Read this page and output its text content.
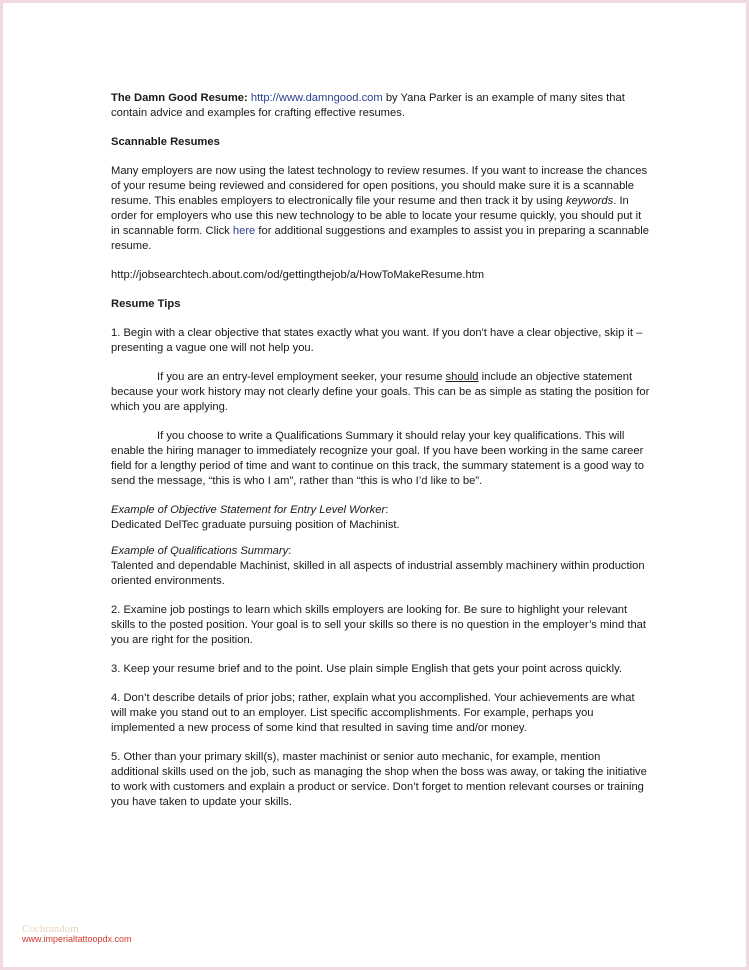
The Damn Good Resume: http://www.damngood.com by Yana Parker is an example of many sites that contain advice and examples for crafting effective resumes.

Scannable Resumes

Many employers are now using the latest technology to review resumes. If you want to increase the chances of your resume being reviewed and considered for open positions, you should make sure it is a scannable resume. This enables employers to electronically file your resume and then track it by using keywords. In order for employers who use this new technology to be able to locate your resume quickly, you should put it in scannable form. Click here for additional suggestions and examples to assist you in preparing a scannable resume.

http://jobsearchtech.about.com/od/gettingthejob/a/HowToMakeResume.htm

Resume Tips

1. Begin with a clear objective that states exactly what you want. If you don't have a clear objective, skip it – presenting a vague one will not help you.

If you are an entry-level employment seeker, your resume should include an objective statement because your work history may not clearly define your goals. This can be as simple as stating the position for which you are applying.

If you choose to write a Qualifications Summary it should relay your key qualifications. This will enable the hiring manager to immediately recognize your goal. If you have been working in the same career field for a lengthy period of time and want to continue on this track, the summary statement is a good way to send the message, “this is who I am”, rather than “this is who I’d like to be”.

Example of Objective Statement for Entry Level Worker:
Dedicated DelTec graduate pursuing position of Machinist.

Example of Qualifications Summary:
Talented and dependable Machinist, skilled in all aspects of industrial assembly machinery within production oriented environments.

2. Examine job postings to learn which skills employers are looking for. Be sure to highlight your relevant skills to the posted position. Your goal is to sell your skills so there is no question in the employer’s mind that you are right for the position.

3. Keep your resume brief and to the point. Use plain simple English that gets your point across quickly.

4. Don’t describe details of prior jobs; rather, explain what you accomplished. Your achievements are what will make you stand out to an employer. List specific accomplishments. For example, perhaps you implemented a new process of some kind that resulted in saving time and/or money.

5. Other than your primary skill(s), master machinist or senior auto mechanic, for example, mention additional skills used on the job, such as managing the shop when the boss was away, or taking the initiative to work with customers and explain a product or service. Don’t forget to mention relevant courses or training you have taken to update your skills.

Cochrandom
www.imperialtattoopdx.com
